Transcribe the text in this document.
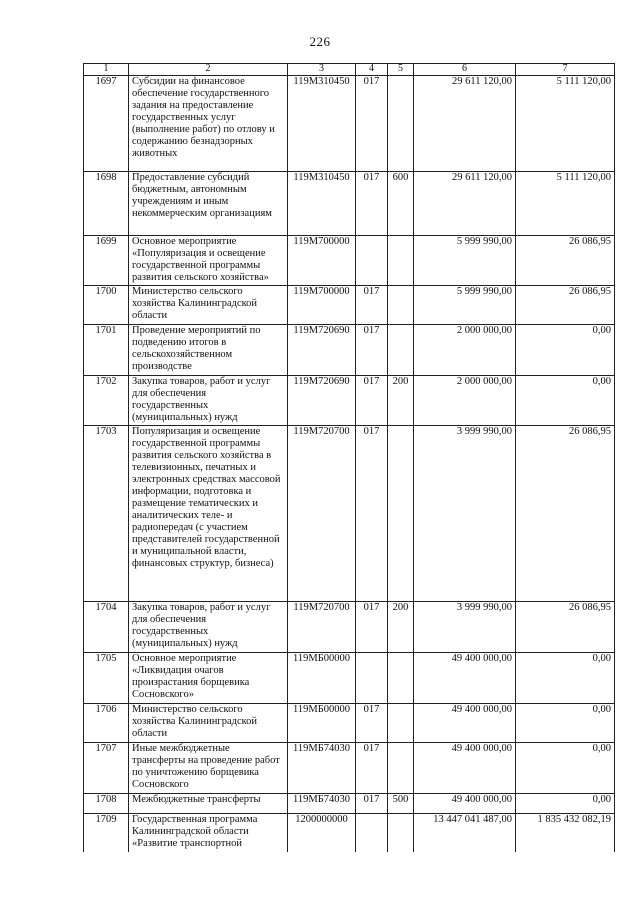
226
1	2	3	4	5	6	7
1697	Субсидии на финансовое обеспечение государственного задания на предоставление государственных услуг (выполнение работ) по отлову и содержанию безнадзорных животных	119М310450	017		29 611 120,00	5 111 120,00
1698	Предоставление субсидий бюджетным, автономным учреждениям и иным некоммерческим организациям	119М310450	017	600	29 611 120,00	5 111 120,00
1699	Основное мероприятие «Популяризация и освещение государственной программы развития сельского хозяйства»	119М700000			5 999 990,00	26 086,95
1700	Министерство сельского хозяйства Калининградской области	119М700000	017		5 999 990,00	26 086,95
1701	Проведение мероприятий по подведению итогов в сельскохозяйственном производстве	119М720690	017		2 000 000,00	0,00
1702	Закупка товаров, работ и услуг для обеспечения государственных (муниципальных) нужд	119М720690	017	200	2 000 000,00	0,00
1703	Популяризация и освещение государственной программы развития сельского хозяйства в телевизионных, печатных и электронных средствах массовой информации, подготовка и размещение тематических и аналитических теле- и радиопередач (с участием представителей государственной и муниципальной власти, финансовых структур, бизнеса)	119М720700	017		3 999 990,00	26 086,95
1704	Закупка товаров, работ и услуг для обеспечения государственных (муниципальных) нужд	119М720700	017	200	3 999 990,00	26 086,95
1705	Основное мероприятие «Ликвидация очагов произрастания борщевика Сосновского»	119МБ00000			49 400 000,00	0,00
1706	Министерство сельского хозяйства Калининградской области	119МБ00000	017		49 400 000,00	0,00
1707	Иные межбюджетные трансферты на проведение работ по уничтожению борщевика Сосновского	119МБ74030	017		49 400 000,00	0,00
1708	Межбюджетные трансферты	119МБ74030	017	500	49 400 000,00	0,00
1709	Государственная программа Калининградской области «Развитие транспортной	1200000000			13 447 041 487,00	1 835 432 082,19
